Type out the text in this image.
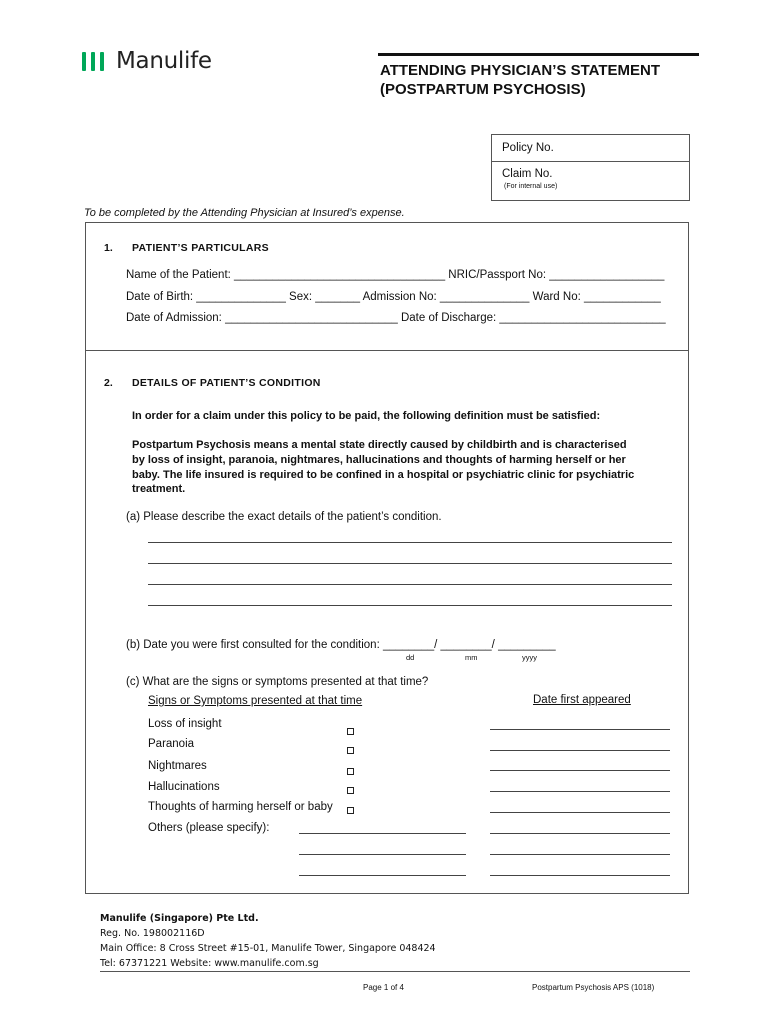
Manulife	ATTENDING PHYSICIAN’S STATEMENT
(POSTPARTUM PSYCHOSIS)
Policy No.
Claim No.
(For internal use)
To be completed by the Attending Physician at Insured’s expense.
1. PATIENT’S PARTICULARS
Name of the Patient: _________________________________ NRIC/Passport No: __________________
Date of Birth: ______________ Sex: _______ Admission No: ______________ Ward No: ____________
Date of Admission: ___________________________ Date of Discharge: __________________________
2. DETAILS OF PATIENT’S CONDITION
In order for a claim under this policy to be paid, the following definition must be satisfied:
Postpartum Psychosis means a mental state directly caused by childbirth and is characterised
by loss of insight, paranoia, nightmares, hallucinations and thoughts of harming herself or her
baby. The life insured is required to be confined in a hospital or psychiatric clinic for psychiatric
treatment.
(a) Please describe the exact details of the patient’s condition.
(b) Date you were first consulted for the condition: ________/ ________/ _________
dd	mm	yyyy
(c) What are the signs or symptoms presented at that time?
Signs or Symptoms presented at that time	Date first appeared
Loss of insight
Paranoia
Nightmares
Hallucinations
Thoughts of harming herself or baby
Others (please specify):
Manulife (Singapore) Pte Ltd.
Reg. No. 198002116D
Main Office: 8 Cross Street #15-01, Manulife Tower, Singapore 048424
Tel: 67371221 Website: www.manulife.com.sg
Page 1 of 4	Postpartum Psychosis APS (1018)
